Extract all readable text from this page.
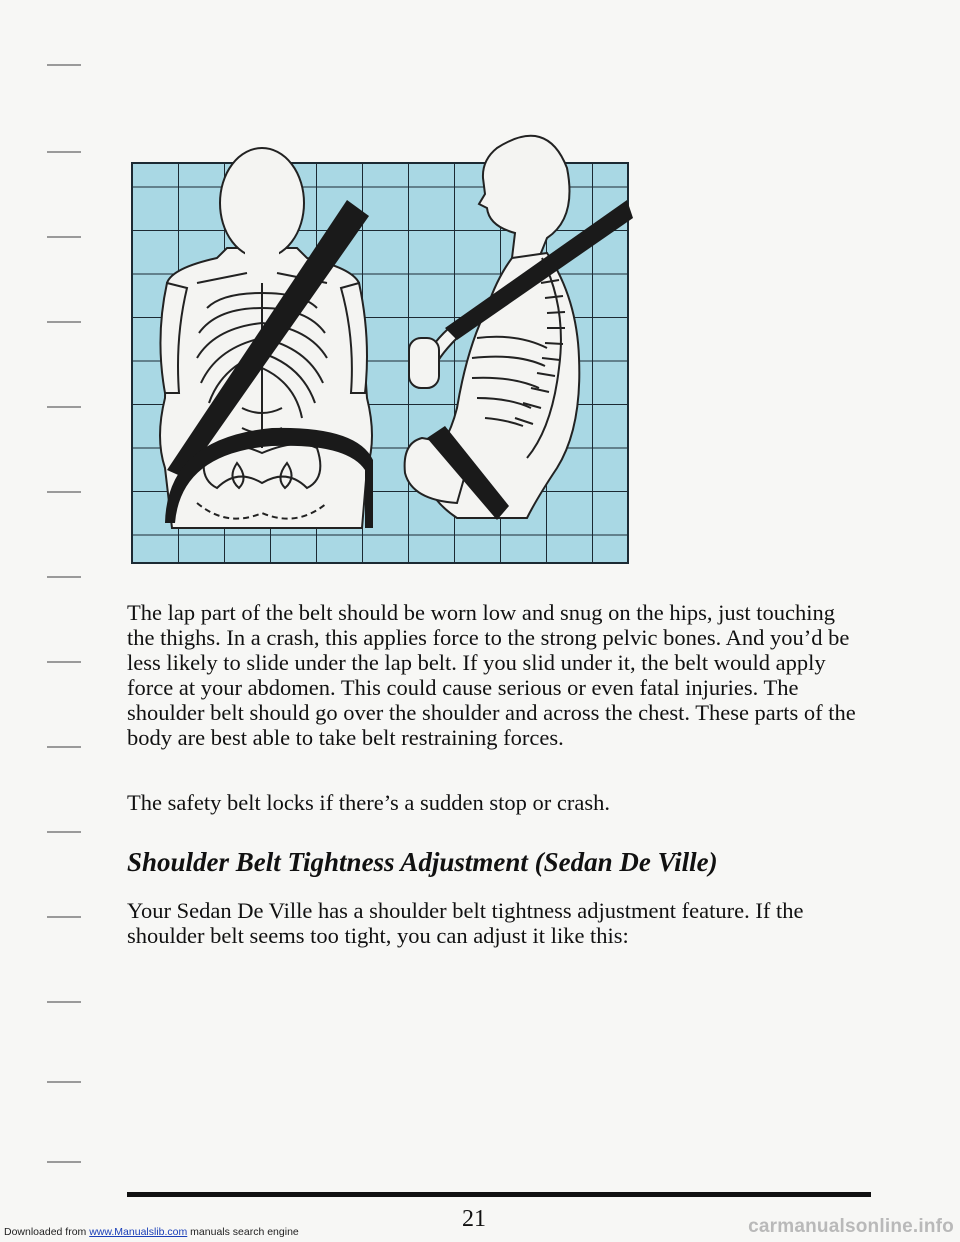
The lap part of the belt should be worn low and snug on the hips, just touching the thighs. In a crash, this applies force to the strong pelvic bones. And you’d be less likely to slide under the lap belt. If you slid under it, the belt would apply force at your abdomen. This could cause serious or even fatal injuries. The shoulder belt should go over the shoulder and across the chest. These parts of the body are best able to take belt restraining forces.

The safety belt locks if there’s a sudden stop or crash.

Shoulder Belt Tightness Adjustment (Sedan De Ville)

Your Sedan De Ville has a shoulder belt tightness adjustment feature. If the shoulder belt seems too tight, you can adjust it like this:

21
Downloaded from www.Manualslib.com manuals search engine	carmanualsonline.info
